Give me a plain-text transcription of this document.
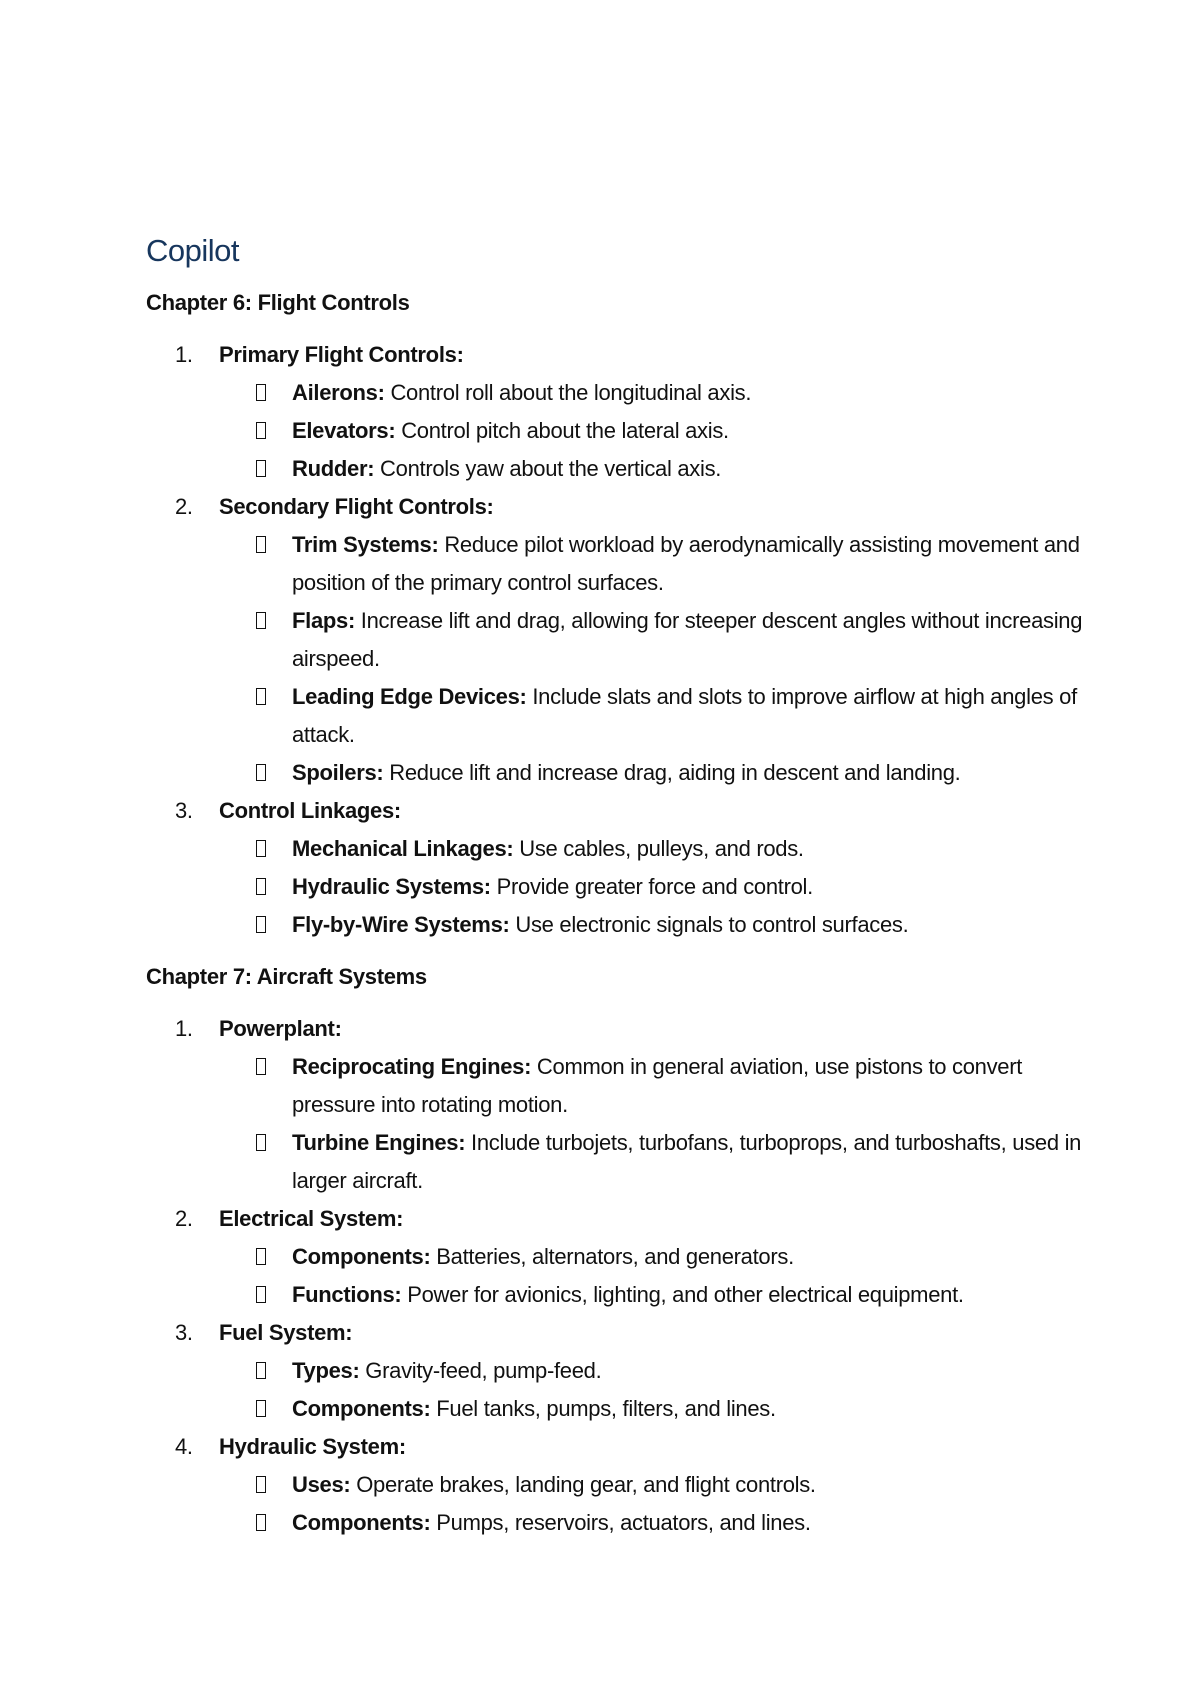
Copilot
Chapter 6: Flight Controls
1. Primary Flight Controls:
Ailerons: Control roll about the longitudinal axis.
Elevators: Control pitch about the lateral axis.
Rudder: Controls yaw about the vertical axis.
2. Secondary Flight Controls:
Trim Systems: Reduce pilot workload by aerodynamically assisting movement and position of the primary control surfaces.
Flaps: Increase lift and drag, allowing for steeper descent angles without increasing airspeed.
Leading Edge Devices: Include slats and slots to improve airflow at high angles of attack.
Spoilers: Reduce lift and increase drag, aiding in descent and landing.
3. Control Linkages:
Mechanical Linkages: Use cables, pulleys, and rods.
Hydraulic Systems: Provide greater force and control.
Fly-by-Wire Systems: Use electronic signals to control surfaces.
Chapter 7: Aircraft Systems
1. Powerplant:
Reciprocating Engines: Common in general aviation, use pistons to convert pressure into rotating motion.
Turbine Engines: Include turbojets, turbofans, turboprops, and turboshafts, used in larger aircraft.
2. Electrical System:
Components: Batteries, alternators, and generators.
Functions: Power for avionics, lighting, and other electrical equipment.
3. Fuel System:
Types: Gravity-feed, pump-feed.
Components: Fuel tanks, pumps, filters, and lines.
4. Hydraulic System:
Uses: Operate brakes, landing gear, and flight controls.
Components: Pumps, reservoirs, actuators, and lines.
